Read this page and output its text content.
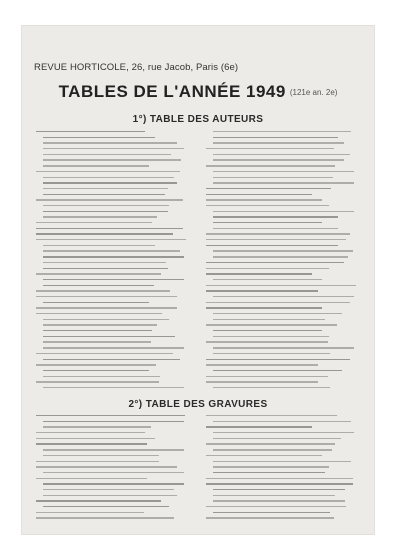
REVUE HORTICOLE, 26, rue Jacob, Paris (6e)
TABLES DE L'ANNÉE 1949 $^{(121e an. 2e)}$
1°) TABLE DES AUTEURS
2°) TABLE DES GRAVURES
